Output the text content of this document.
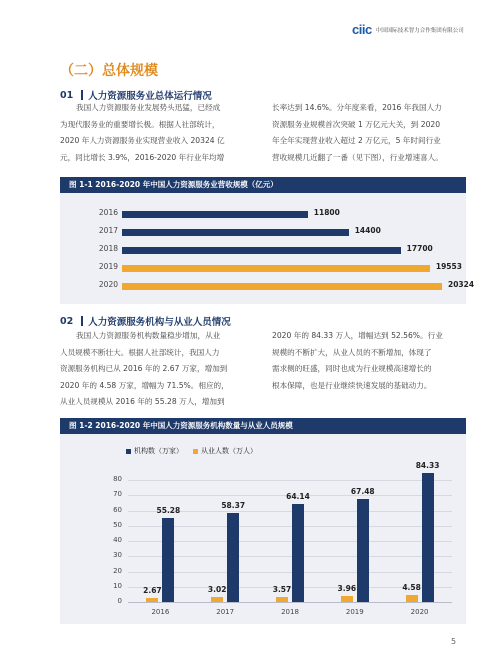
ciic 中国国际技术智力合作集团有限公司
（二）总体规模
01 人力资源服务业总体运行情况
我国人力资源服务业发展势头迅猛，已经成
为现代服务业的重要增长极。根据人社部统计，
2020 年人力资源服务业实现营业收入 20324 亿
元，同比增长 3.9%，2016-2020 年行业年均增
长率达到 14.6%。分年度来看，2016 年我国人力
资源服务业规模首次突破 1 万亿元大关，到 2020
年全年实现营业收入超过 2 万亿元，5 年时间行业
营收规模几近翻了一番（见下图），行业增速喜人。
图 1-1 2016-2020 年中国人力资源服务业营收规模（亿元）
2016	11800
2017	14400
2018	17700
2019	19553
2020	20324
02 人力资源服务机构与从业人员情况
我国人力资源服务机构数量稳步增加，从业
人员规模不断壮大。根据人社部统计，我国人力
资源服务机构已从 2016 年的 2.67 万家，增加到
2020 年的 4.58 万家，增幅为 71.5%。相应的，
从业人员规模从 2016 年的 55.28 万人，增加到
2020 年的 84.33 万人，增幅达到 52.56%。行业
规模的不断扩大，从业人员的不断增加，体现了
需求侧的旺盛，同时也成为行业规模高速增长的
根本保障，也是行业继续快速发展的基础动力。
图 1-2 2016-2020 年中国人力资源服务机构数量与从业人员规模
机构数（万家）	从业人数（万人）
0
10
20
30
40
50
60
70
80
2016
2.67
55.28
2017
3.02
58.37
2018
3.57
64.14
2019
3.96
67.48
2020
4.58
84.33
5
